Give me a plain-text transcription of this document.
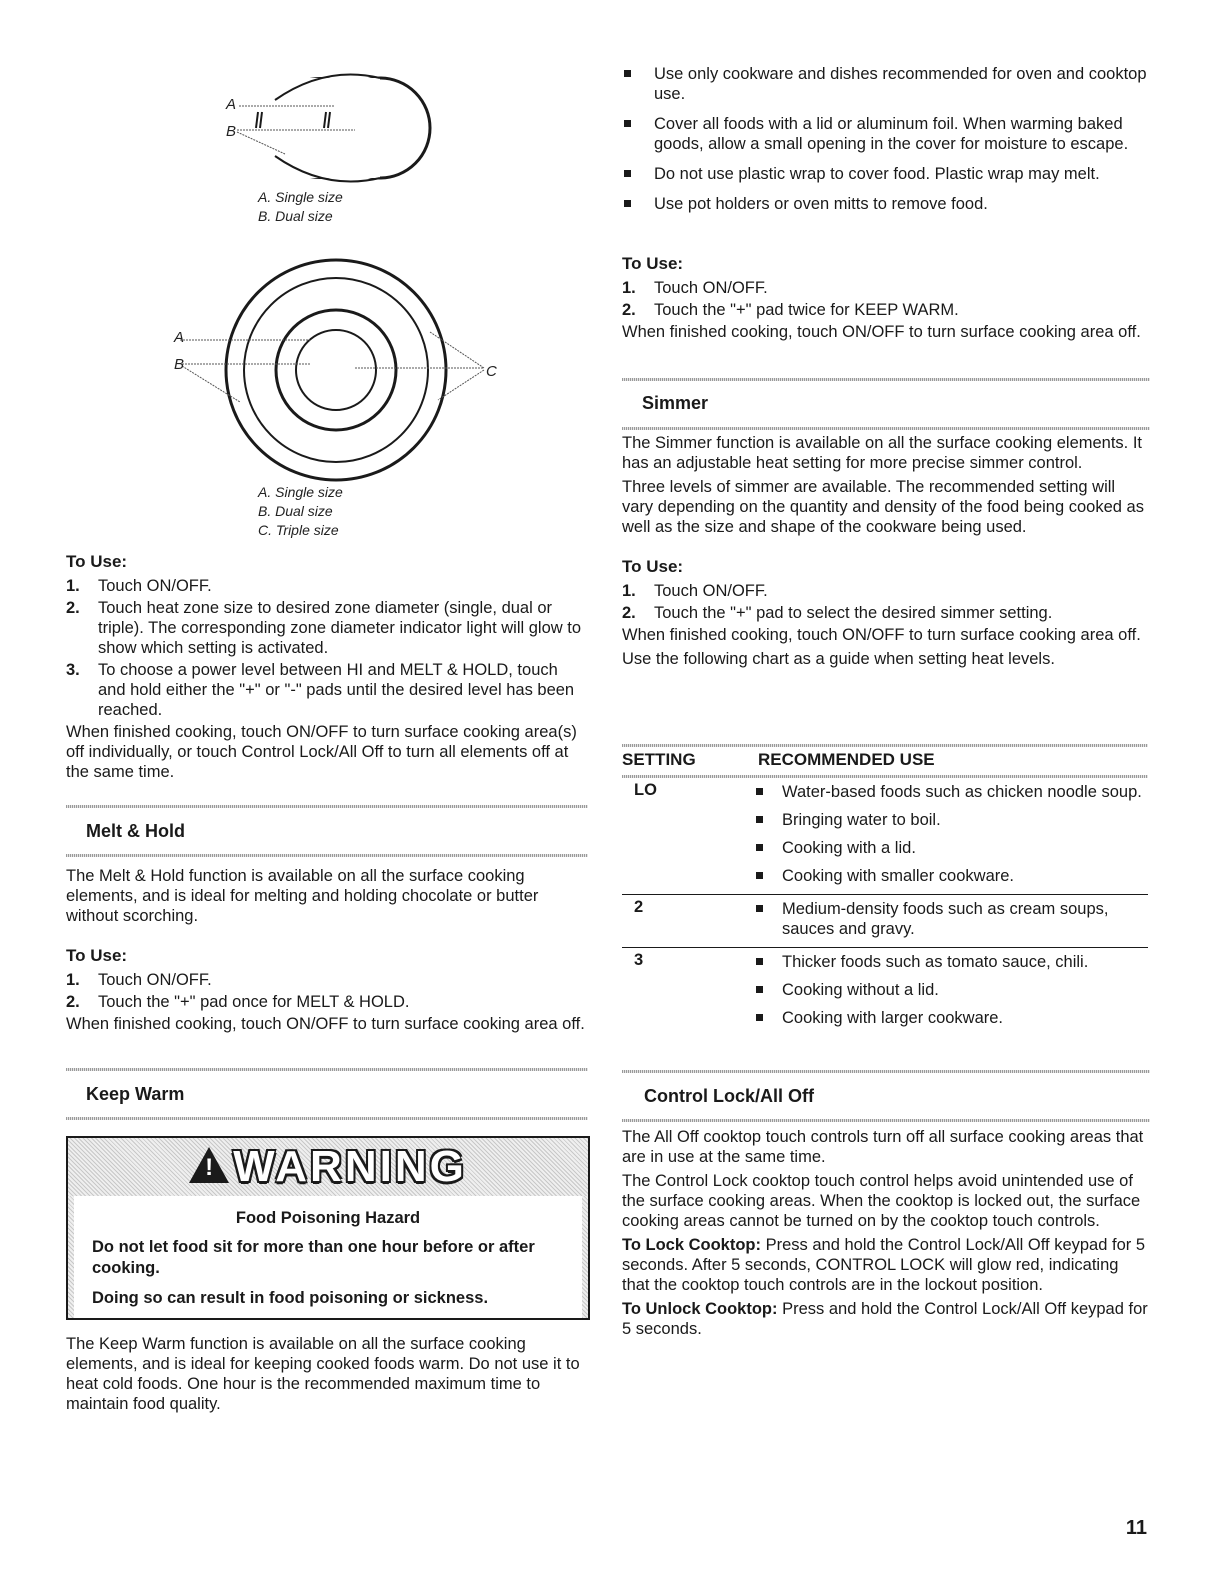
A
B
A. Single size
B. Dual size
A
B	C
A. Single size
B. Dual size
C. Triple size
To Use:
1. Touch ON/OFF.
2. Touch heat zone size to desired zone diameter (single, dual or triple). The corresponding zone diameter indicator light will glow to show which setting is activated.
3. To choose a power level between HI and MELT & HOLD, touch and hold either the "+" or "-" pads until the desired level has been reached.

When finished cooking, touch ON/OFF to turn surface cooking area(s) off individually, or touch Control Lock/All Off to turn all elements off at the same time.

Melt & Hold

The Melt & Hold function is available on all the surface cooking elements, and is ideal for melting and holding chocolate or butter without scorching.

To Use:
1. Touch ON/OFF.
2. Touch the "+" pad once for MELT & HOLD.

When finished cooking, touch ON/OFF to turn surface cooking area off.

Keep Warm
! WARNING
Food Poisoning Hazard
Do not let food sit for more than one hour before or after cooking.
Doing so can result in food poisoning or sickness.

The Keep Warm function is available on all the surface cooking elements, and is ideal for keeping cooked foods warm. Do not use it to heat cold foods. One hour is the recommended maximum time to maintain food quality.

Use only cookware and dishes recommended for oven and cooktop use.
Cover all foods with a lid or aluminum foil. When warming baked goods, allow a small opening in the cover for moisture to escape.
Do not use plastic wrap to cover food. Plastic wrap may melt.
Use pot holders or oven mitts to remove food.
To Use:
1. Touch ON/OFF.
2. Touch the "+" pad twice for KEEP WARM.

When finished cooking, touch ON/OFF to turn surface cooking area off.

Simmer

The Simmer function is available on all the surface cooking elements. It has an adjustable heat setting for more precise simmer control.

Three levels of simmer are available. The recommended setting will vary depending on the quantity and density of the food being cooked as well as the size and shape of the cookware being used.

To Use:
1. Touch ON/OFF.
2. Touch the "+" pad to select the desired simmer setting.

When finished cooking, touch ON/OFF to turn surface cooking area off.

Use the following chart as a guide when setting heat levels.

SETTING	RECOMMENDED USE
LO	Water-based foods such as chicken noodle soup.
Bringing water to boil.
Cooking with a lid.
Cooking with smaller cookware.
2	Medium-density foods such as cream soups, sauces and gravy.
3	Thicker foods such as tomato sauce, chili.
Cooking without a lid.
Cooking with larger cookware.
Control Lock/All Off

The All Off cooktop touch controls turn off all surface cooking areas that are in use at the same time.

The Control Lock cooktop touch control helps avoid unintended use of the surface cooking areas. When the cooktop is locked out, the surface cooking areas cannot be turned on by the cooktop touch controls.

To Lock Cooktop: Press and hold the Control Lock/All Off keypad for 5 seconds. After 5 seconds, CONTROL LOCK will glow red, indicating that the cooktop touch controls are in the lockout position.

To Unlock Cooktop: Press and hold the Control Lock/All Off keypad for 5 seconds.

11
